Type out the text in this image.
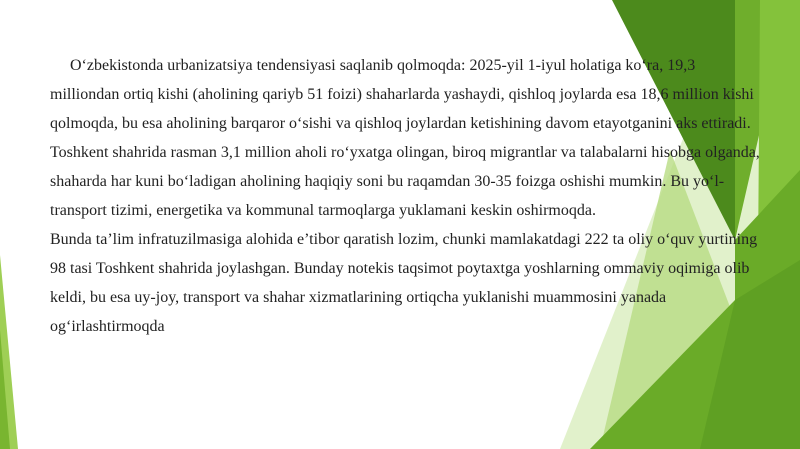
O‘zbekistonda urbanizatsiya tendensiyasi saqlanib qolmoqda: 2025-yil 1-iyul holatiga ko‘ra, 19,3 milliondan ortiq kishi (aholining qariyb 51 foizi) shaharlarda yashaydi, qishloq joylarda esa 18,6 million kishi qolmoqda, bu esa aholining barqaror o‘sishi va qishloq joylardan ketishining davom etayotganini aks ettiradi. Toshkent shahrida rasman 3,1 million aholi ro‘yxatga olingan, biroq migrantlar va talabalarni hisobga olganda, shaharda har kuni bo‘ladigan aholining haqiqiy soni bu raqamdan 30-35 foizga oshishi mumkin. Bu yo‘l-transport tizimi, energetika va kommunal tarmoqlarga yuklamani keskin oshirmoqda.

Bunda ta’lim infratuzilmasiga alohida e’tibor qaratish lozim, chunki mamlakatdagi 222 ta oliy o‘quv yurtining 98 tasi Toshkent shahrida joylashgan. Bunday notekis taqsimot poytaxtga yoshlarning ommaviy oqimiga olib keldi, bu esa uy-joy, transport va shahar xizmatlarining ortiqcha yuklanishi muammosini yanada og‘irlashtirmoqda
